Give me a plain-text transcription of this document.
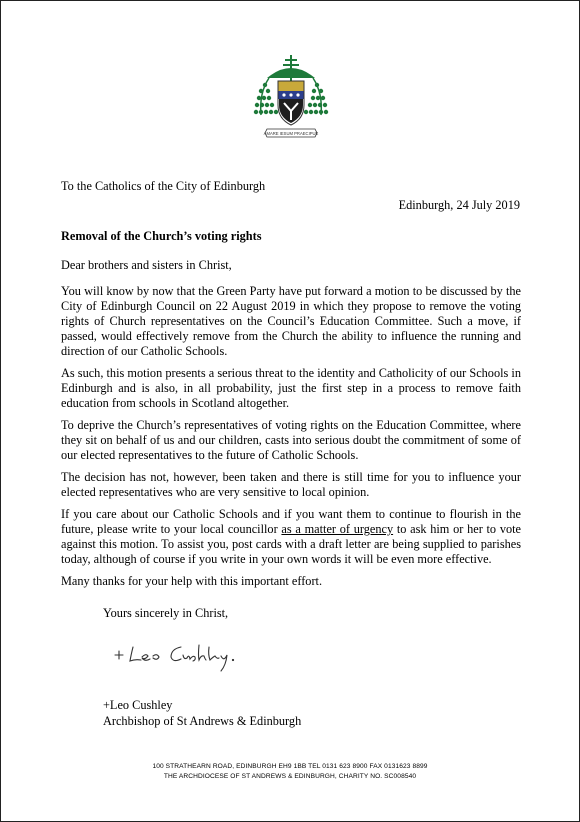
AMARE IESUM PRAECIPUE
To the Catholics of the City of Edinburgh
Edinburgh, 24 July 2019
Removal of the Church’s voting rights
Dear brothers and sisters in Christ,

You will know by now that the Green Party have put forward a motion to be discussed by the City of Edinburgh Council on 22 August 2019 in which they propose to remove the voting rights of Church representatives on the Council’s Education Committee. Such a move, if passed, would effectively remove from the Church the ability to influence the running and direction of our Catholic Schools.

As such, this motion presents a serious threat to the identity and Catholicity of our Schools in Edinburgh and is also, in all probability, just the first step in a process to remove faith education from schools in Scotland altogether.

To deprive the Church’s representatives of voting rights on the Education Committee, where they sit on behalf of us and our children, casts into serious doubt the commitment of some of our elected representatives to the future of Catholic Schools.

The decision has not, however, been taken and there is still time for you to influence your elected representatives who are very sensitive to local opinion.

If you care about our Catholic Schools and if you want them to continue to flourish in the future, please write to your local councillor as a matter of urgency to ask him or her to vote against this motion. To assist you, post cards with a draft letter are being supplied to parishes today, although of course if you write in your own words it will be even more effective.

Many thanks for your help with this important effort.

Yours sincerely in Christ,
+Leo Cushley
Archbishop of St Andrews & Edinburgh
100 STRATHEARN ROAD, EDINBURGH EH9 1BB TEL 0131 623 8900 FAX 0131623 8899
THE ARCHDIOCESE OF ST ANDREWS & EDINBURGH, CHARITY NO. SC008540
